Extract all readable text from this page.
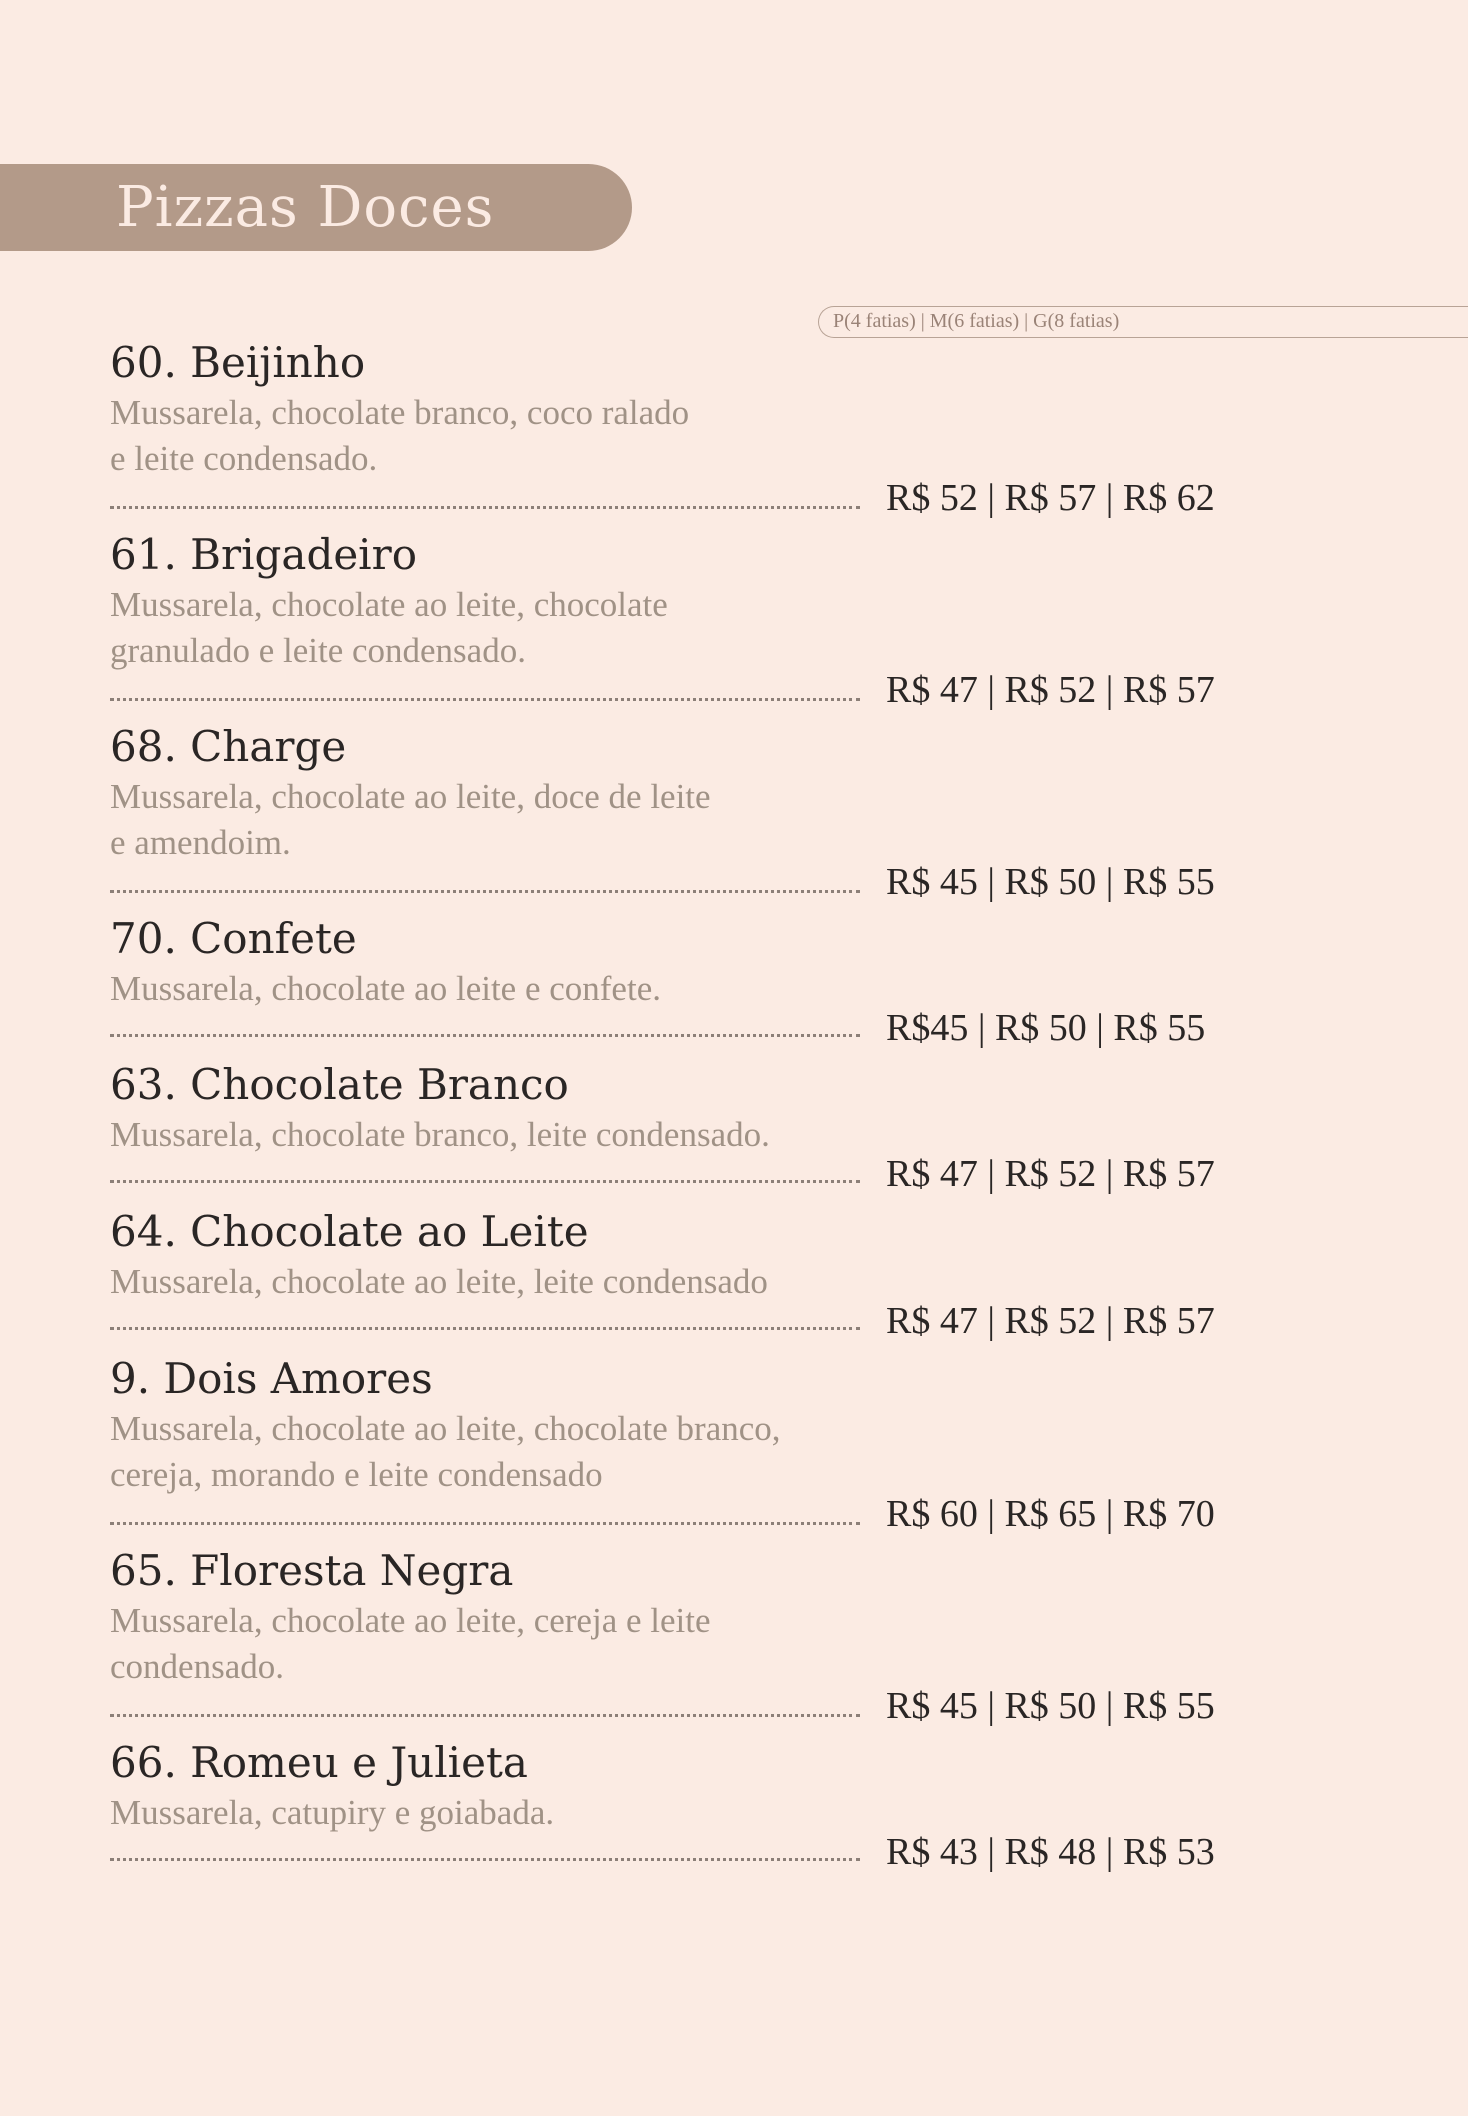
Pizzas Doces
P(4 fatias) | M(6 fatias) | G(8 fatias)
60. Beijinho
Mussarela, chocolate branco, coco ralado
e leite condensado.
R$ 52 | R$ 57 | R$ 62
61. Brigadeiro
Mussarela, chocolate ao leite, chocolate
granulado e leite condensado.
R$ 47 | R$ 52 | R$ 57
68. Charge
Mussarela, chocolate ao leite, doce de leite
e amendoim.
R$ 45 | R$ 50 | R$ 55
70. Confete
Mussarela, chocolate ao leite e confete.
R$45 | R$ 50 | R$ 55
63. Chocolate Branco
Mussarela, chocolate branco, leite condensado.
R$ 47 | R$ 52 | R$ 57
64. Chocolate ao Leite
Mussarela, chocolate ao leite, leite condensado
R$ 47 | R$ 52 | R$ 57
9. Dois Amores
Mussarela, chocolate ao leite, chocolate branco,
cereja, morando e leite condensado
R$ 60 | R$ 65 | R$ 70
65. Floresta Negra
Mussarela, chocolate ao leite, cereja e leite
condensado.
R$ 45 | R$ 50 | R$ 55
66. Romeu e Julieta
Mussarela, catupiry e goiabada.
R$ 43 | R$ 48 | R$ 53
